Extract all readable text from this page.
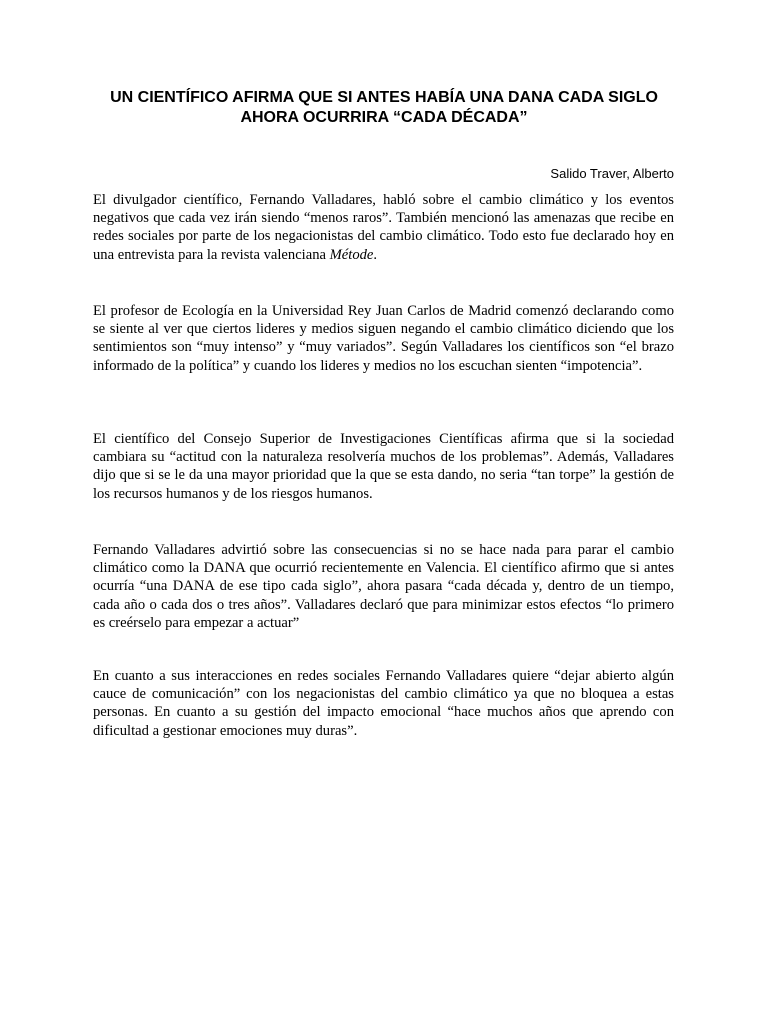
UN CIENTÍFICO AFIRMA QUE SI ANTES HABÍA UNA DANA CADA SIGLO AHORA OCURRIRA “CADA DÉCADA”

Salido Traver, Alberto

El divulgador científico, Fernando Valladares, habló sobre el cambio climático y los eventos negativos que cada vez irán siendo “menos raros”. También mencionó las amenazas que recibe en redes sociales por parte de los negacionistas del cambio climático. Todo esto fue declarado hoy en una entrevista para la revista valenciana Métode.

El profesor de Ecología en la Universidad Rey Juan Carlos de Madrid comenzó declarando como se siente al ver que ciertos lideres y medios siguen negando el cambio climático diciendo que los sentimientos son “muy intenso” y “muy variados”. Según Valladares los científicos son “el brazo informado de la política” y cuando los lideres y medios no los escuchan sienten “impotencia”.

El científico del Consejo Superior de Investigaciones Científicas afirma que si la sociedad cambiara su “actitud con la naturaleza resolvería muchos de los problemas”. Además, Valladares dijo que si se le da una mayor prioridad que la que se esta dando, no seria “tan torpe” la gestión de los recursos humanos y de los riesgos humanos.

Fernando Valladares advirtió sobre las consecuencias si no se hace nada para parar el cambio climático como la DANA que ocurrió recientemente en Valencia. El científico afirmo que si antes ocurría “una DANA de ese tipo cada siglo”, ahora pasara “cada década y, dentro de un tiempo, cada año o cada dos o tres años”. Valladares declaró que para minimizar estos efectos “lo primero es creérselo para empezar a actuar”

En cuanto a sus interacciones en redes sociales Fernando Valladares quiere “dejar abierto algún cauce de comunicación” con los negacionistas del cambio climático ya que no bloquea a estas personas. En cuanto a su gestión del impacto emocional “hace muchos años que aprendo con dificultad a gestionar emociones muy duras”.
